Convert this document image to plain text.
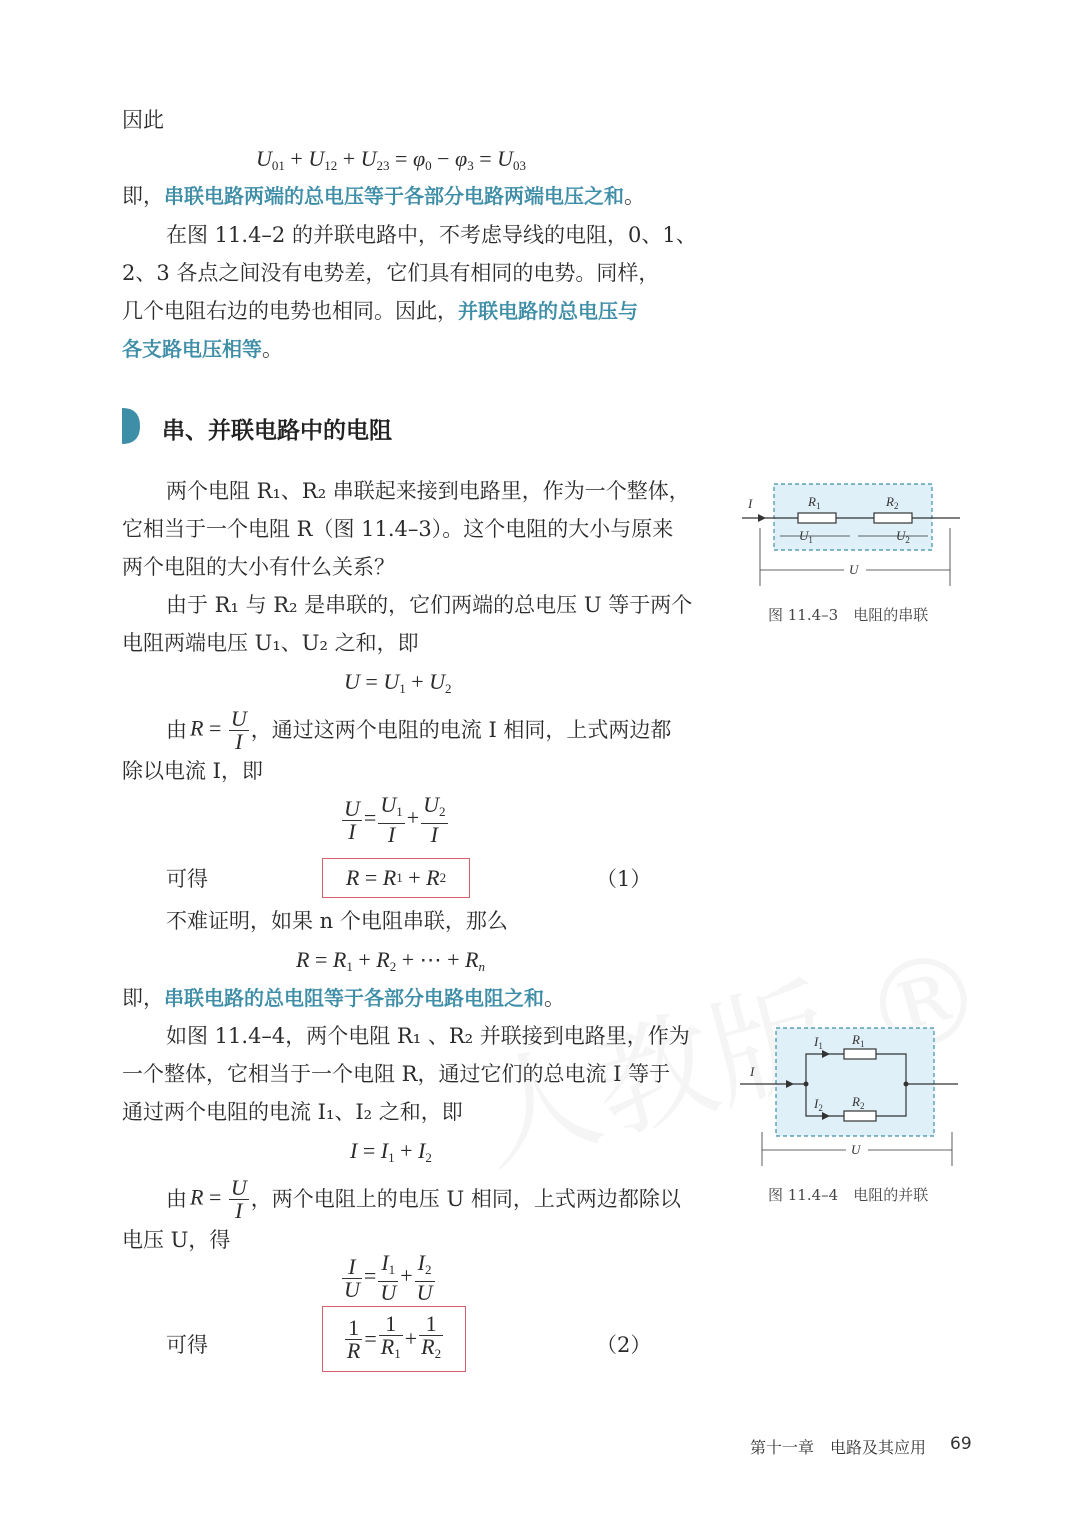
因此
$U_{01} + U_{12} + U_{23} = \varphi_0 - \varphi_3 = U_{03}$
即，串联电路两端的总电压等于各部分电路两端电压之和。
在图 11.4–2 的并联电路中，不考虑导线的电阻，0、1、
2、3 各点之间没有电势差，它们具有相同的电势。同样，
几个电阻右边的电势也相同。因此，并联电路的总电压与
各支路电压相等。
串、并联电路中的电阻
两个电阻 R₁、R₂ 串联起来接到电路里，作为一个整体，
它相当于一个电阻 R（图 11.4–3）。这个电阻的大小与原来
两个电阻的大小有什么关系？
由于 R₁ 与 R₂ 是串联的，它们两端的总电压 U 等于两个
电阻两端电压 U₁、U₂ 之和，即
$U = U_1 + U_2$
由 $R = \frac{U}{I}$ ，通过这两个电阻的电流 I 相同，上式两边都
除以电流 I，即
$\frac{U}{I} = \frac{U_1}{I} + \frac{U_2}{I}$
可得	R = R 1 + R 2	（1）
不难证明，如果 n 个电阻串联，那么
$R = R_1 + R_2$ + ⋯ + $R_n$
即，串联电路的总电阻等于各部分电路电阻之和。
如图 11.4–4，两个电阻 R₁ 、R₂ 并联接到电路里，作为
一个整体，它相当于一个电阻 R，通过它们的总电流 I 等于
通过两个电阻的电流 I₁、I₂ 之和，即
$I = I_1 + I_2$
由 $R = \frac{U}{I}$ ，两个电阻上的电压 U 相同，上式两边都除以
电压 U，得
$\frac{I}{U} = \frac{I_1}{U} + \frac{I_2}{U}$
可得	$\frac{1}{R} = \frac{1}{R_1} + \frac{1}{R_2}$	（2）
I	$R_1$	$R_2$
$U_1$	$U_2$
U
图 11.4–3　电阻的串联
I
$I_1$ $R_1$
$I_2$ $R_2$
U
图 11.4–4　电阻的并联
第十一章　电路及其应用 69
